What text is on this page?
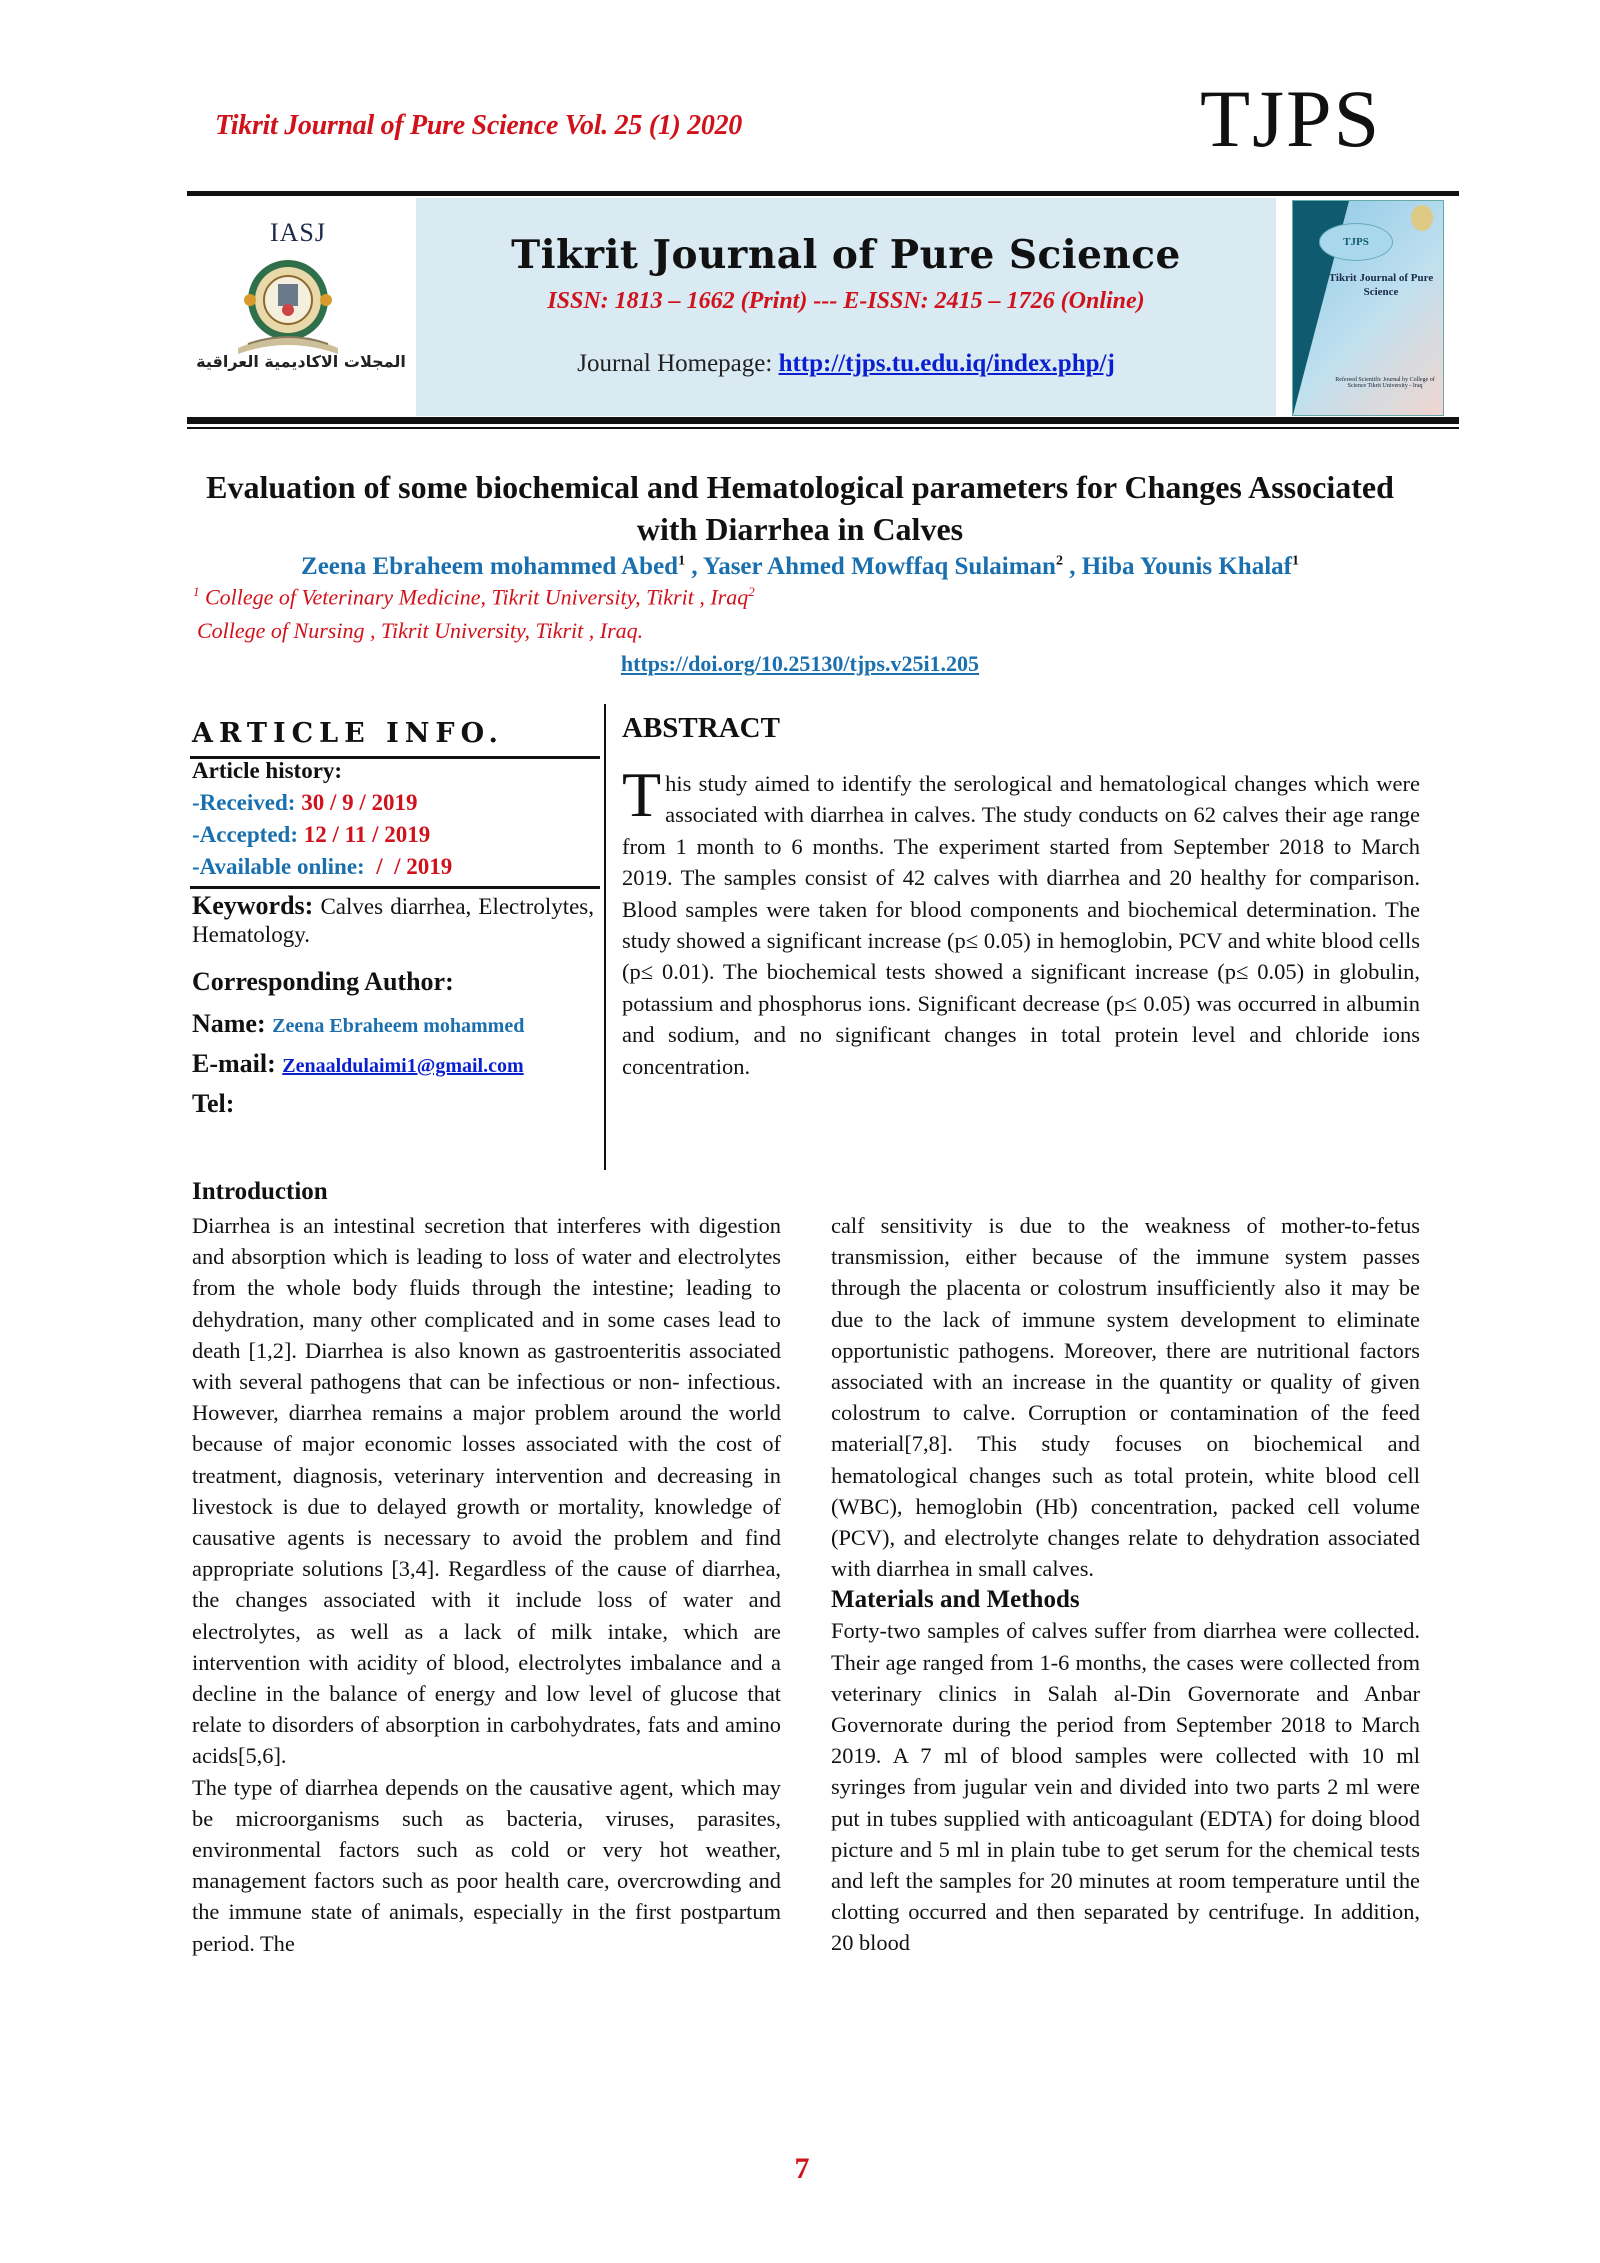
Tikrit Journal of Pure Science Vol. 25 (1) 2020	TJPS
IASJ
المجلات الاكاديمية العراقية
Tikrit Journal of Pure Science
ISSN: 1813 – 1662 (Print) --- E-ISSN: 2415 – 1726 (Online)
Journal Homepage: http://tjps.tu.edu.iq/index.php/j
TJPS
Tikrit Journal of Pure Science
Refereed Scientific Journal by College of Science Tikrit University - Iraq
Evaluation of some biochemical and Hematological parameters for Changes Associated with Diarrhea in Calves
Zeena Ebraheem mohammed Abed$^1$ , Yaser Ahmed Mowffaq Sulaiman$^2$ , Hiba Younis Khalaf$^1$
$^1$ College of Veterinary Medicine, Tikrit University, Tikrit , Iraq$^2$
College of Nursing , Tikrit University, Tikrit , Iraq.
https://doi.org/10.25130/tjps.v25i1.205
ARTICLE INFO.
Article history:
-Received: 30 / 9 / 2019
-Accepted: 12 / 11 / 2019
-Available online:  /  / 2019
Keywords: Calves diarrhea, Electrolytes, Hematology.
Corresponding Author:
Name: Zeena Ebraheem mohammed
E-mail: Zenaaldulaimi1@gmail.com
Tel:
ABSTRACT
This study aimed to identify the serological and hematological changes which were associated with diarrhea in calves. The study conducts on 62 calves their age range from 1 month to 6 months. The experiment started from September 2018 to March 2019. The samples consist of 42 calves with diarrhea and 20 healthy for comparison. Blood samples were taken for blood components and biochemical determination. The study showed a significant increase (p≤ 0.05) in hemoglobin, PCV and white blood cells (p≤ 0.01). The biochemical tests showed a significant increase (p≤ 0.05) in globulin, potassium and phosphorus ions. Significant decrease (p≤ 0.05) was occurred in albumin and sodium, and no significant changes in total protein level and chloride ions concentration.
Introduction

Diarrhea is an intestinal secretion that interferes with digestion and absorption which is leading to loss of water and electrolytes from the whole body fluids through the intestine; leading to dehydration, many other complicated and in some cases lead to death [1,2]. Diarrhea is also known as gastroenteritis associated with several pathogens that can be infectious or non- infectious. However, diarrhea remains a major problem around the world because of major economic losses associated with the cost of treatment, diagnosis, veterinary intervention and decreasing in livestock is due to delayed growth or mortality, knowledge of causative agents is necessary to avoid the problem and find appropriate solutions [3,4]. Regardless of the cause of diarrhea, the changes associated with it include loss of water and electrolytes, as well as a lack of milk intake, which are intervention with acidity of blood, electrolytes imbalance and a decline in the balance of energy and low level of glucose that relate to disorders of absorption in carbohydrates, fats and amino acids[5,6].

The type of diarrhea depends on the causative agent, which may be microorganisms such as bacteria, viruses, parasites, environmental factors such as cold or very hot weather, management factors such as poor health care, overcrowding and the immune state of animals, especially in the first postpartum period. The

calf sensitivity is due to the weakness of mother-to-fetus transmission, either because of the immune system passes through the placenta or colostrum insufficiently also it may be due to the lack of immune system development to eliminate opportunistic pathogens. Moreover, there are nutritional factors associated with an increase in the quantity or quality of given colostrum to calve. Corruption or contamination of the feed material[7,8]. This study focuses on biochemical and hematological changes such as total protein, white blood cell (WBC), hemoglobin (Hb) concentration, packed cell volume (PCV), and electrolyte changes relate to dehydration associated with diarrhea in small calves.

Materials and Methods

Forty-two samples of calves suffer from diarrhea were collected. Their age ranged from 1-6 months, the cases were collected from veterinary clinics in Salah al-Din Governorate and Anbar Governorate during the period from September 2018 to March 2019. A 7 ml of blood samples were collected with 10 ml syringes from jugular vein and divided into two parts 2 ml were put in tubes supplied with anticoagulant (EDTA) for doing blood picture and 5 ml in plain tube to get serum for the chemical tests and left the samples for 20 minutes at room temperature until the clotting occurred and then separated by centrifuge. In addition, 20 blood

7
